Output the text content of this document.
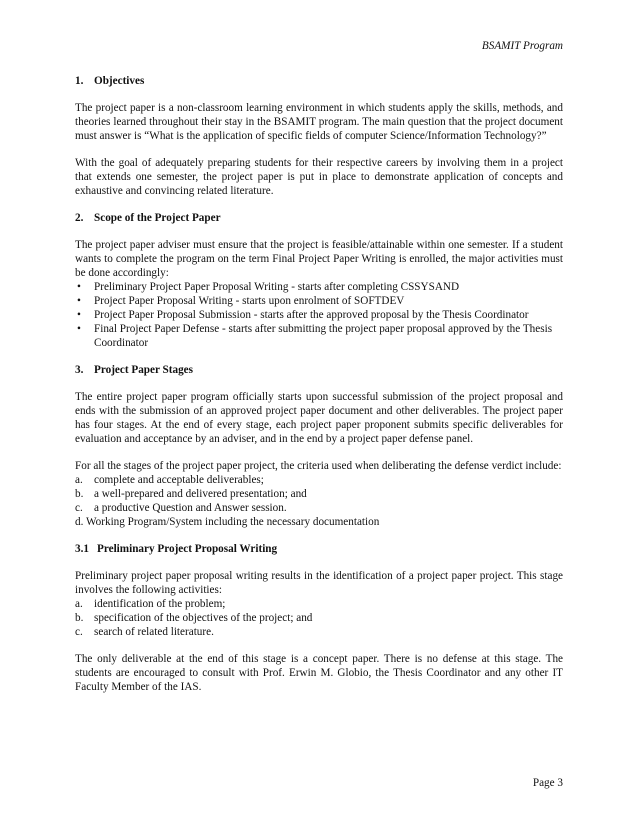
BSAMIT Program
1. Objectives

The project paper is a non-classroom learning environment in which students apply the skills, methods, and theories learned throughout their stay in the BSAMIT program. The main question that the project document must answer is “What is the application of specific fields of computer Science/Information Technology?”

With the goal of adequately preparing students for their respective careers by involving them in a project that extends one semester, the project paper is put in place to demonstrate application of concepts and exhaustive and convincing related literature.

2. Scope of the Project Paper

The project paper adviser must ensure that the project is feasible/attainable within one semester. If a student wants to complete the program on the term Final Project Paper Writing is enrolled, the major activities must be done accordingly:

• Preliminary Project Paper Proposal Writing - starts after completing CSSYSAND
• Project Paper Proposal Writing - starts upon enrolment of SOFTDEV
• Project Paper Proposal Submission - starts after the approved proposal by the Thesis Coordinator
• Final Project Paper Defense - starts after submitting the project paper proposal approved by the Thesis Coordinator
3. Project Paper Stages

The entire project paper program officially starts upon successful submission of the project proposal and ends with the submission of an approved project paper document and other deliverables. The project paper has four stages. At the end of every stage, each project paper proponent submits specific deliverables for evaluation and acceptance by an adviser, and in the end by a project paper defense panel.

For all the stages of the project paper project, the criteria used when deliberating the defense verdict include:

a. complete and acceptable deliverables;
b. a well-prepared and delivered presentation; and
c. a productive Question and Answer session.
d. Working Program/System including the necessary documentation
3.1 Preliminary Project Proposal Writing

Preliminary project paper proposal writing results in the identification of a project paper project. This stage involves the following activities:

a. identification of the problem;
b. specification of the objectives of the project; and
c. search of related literature.

The only deliverable at the end of this stage is a concept paper. There is no defense at this stage. The students are encouraged to consult with Prof. Erwin M. Globio, the Thesis Coordinator and any other IT Faculty Member of the IAS.

Page 3
